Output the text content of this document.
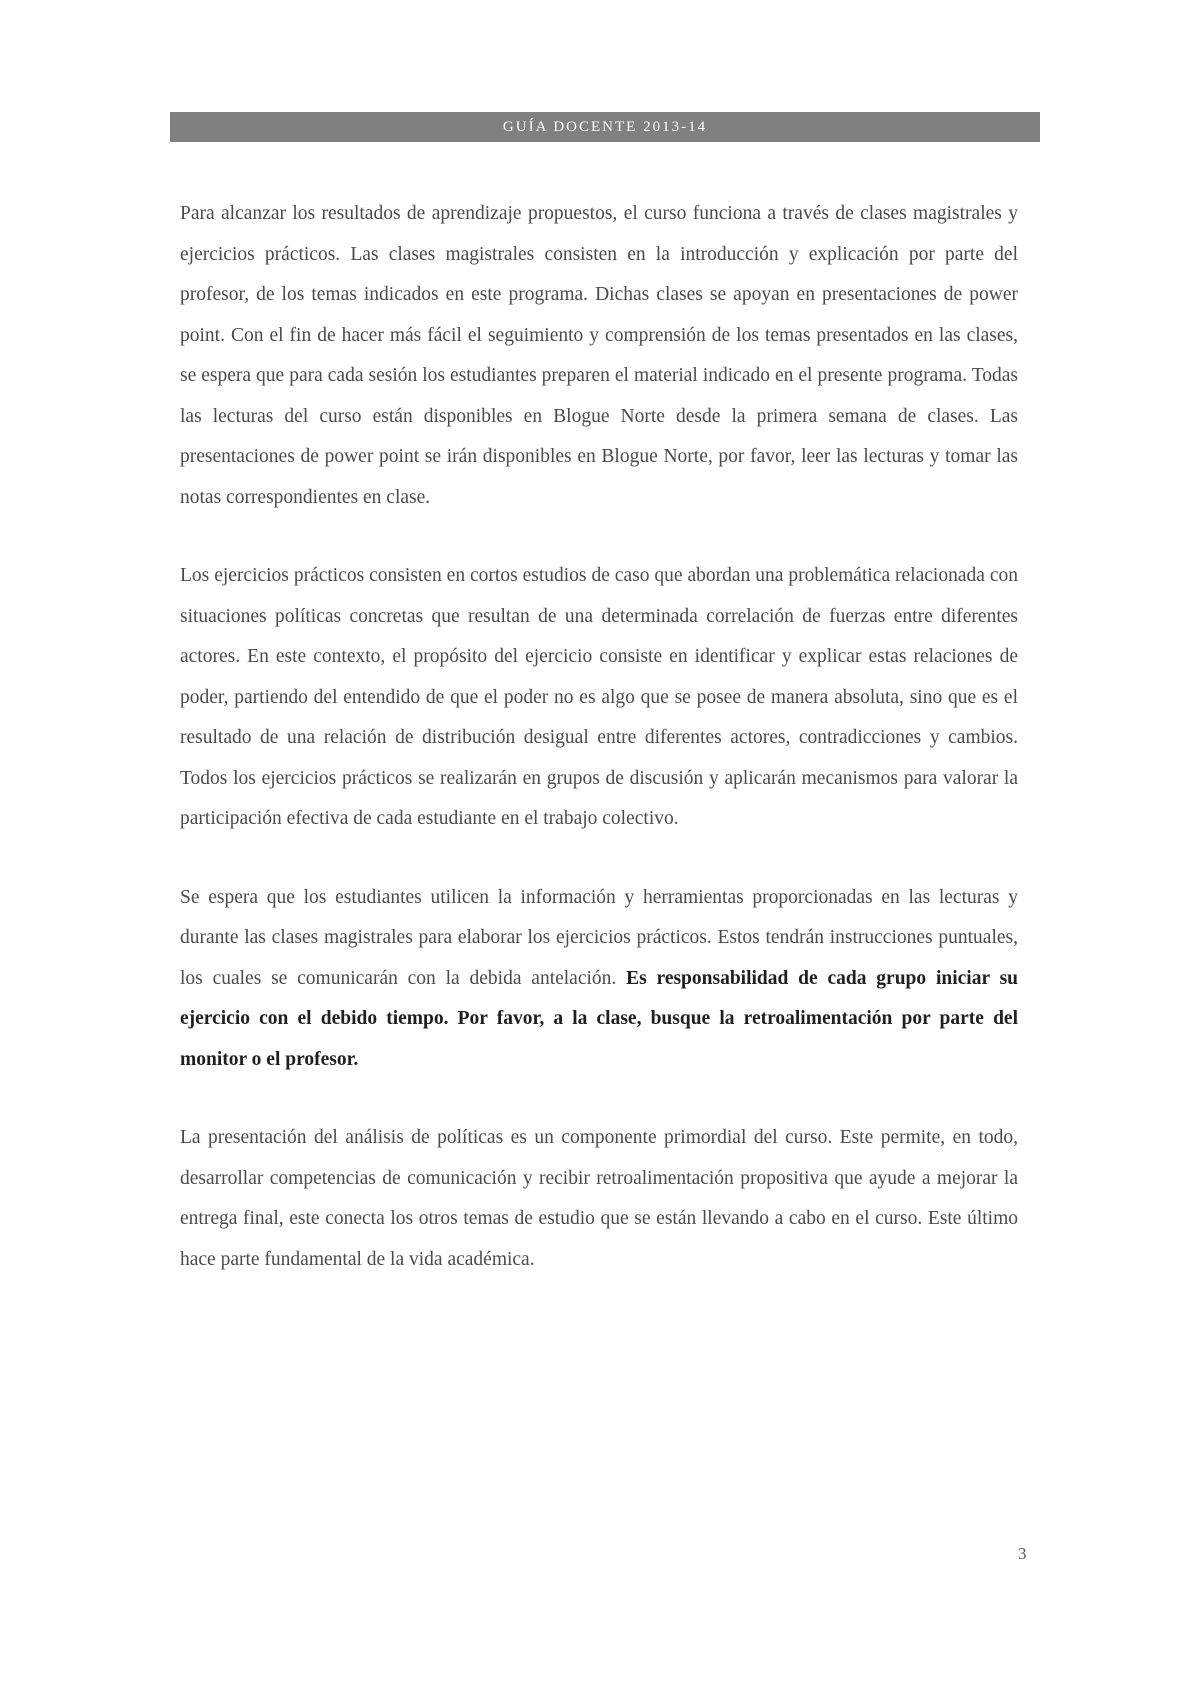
GUÍA DOCENTE 2013-14

Para alcanzar los resultados de aprendizaje propuestos, el curso funciona a través de clases magistrales y ejercicios prácticos. Las clases magistrales consisten en la introducción y explicación por parte del profesor, de los temas indicados en este programa. Dichas clases se apoyan en presentaciones de power point. Con el fin de hacer más fácil el seguimiento y comprensión de los temas presentados en las clases, se espera que para cada sesión los estudiantes preparen el material indicado en el presente programa. Todas las lecturas del curso están disponibles en Blogue Norte desde la primera semana de clases. Las presentaciones de power point se irán disponibles en Blogue Norte, por favor, leer las lecturas y tomar las notas correspondientes en clase.

Los ejercicios prácticos consisten en cortos estudios de caso que abordan una problemática relacionada con situaciones políticas concretas que resultan de una determinada correlación de fuerzas entre diferentes actores. En este contexto, el propósito del ejercicio consiste en identificar y explicar estas relaciones de poder, partiendo del entendido de que el poder no es algo que se posee de manera absoluta, sino que es el resultado de una relación de distribución desigual entre diferentes actores, contradicciones y cambios. Todos los ejercicios prácticos se realizarán en grupos de discusión y aplicarán mecanismos para valorar la participación efectiva de cada estudiante en el trabajo colectivo.

Se espera que los estudiantes utilicen la información y herramientas proporcionadas en las lecturas y durante las clases magistrales para elaborar los ejercicios prácticos. Estos tendrán instrucciones puntuales, los cuales se comunicarán con la debida antelación. Es responsabilidad de cada grupo iniciar su ejercicio con el debido tiempo. Por favor, a la clase, busque la retroalimentación por parte del monitor o el profesor.

La presentación del análisis de políticas es un componente primordial del curso. Este permite, en todo, desarrollar competencias de comunicación y recibir retroalimentación propositiva que ayude a mejorar la entrega final, este conecta los otros temas de estudio que se están llevando a cabo en el curso. Este último hace parte fundamental de la vida académica.

3
